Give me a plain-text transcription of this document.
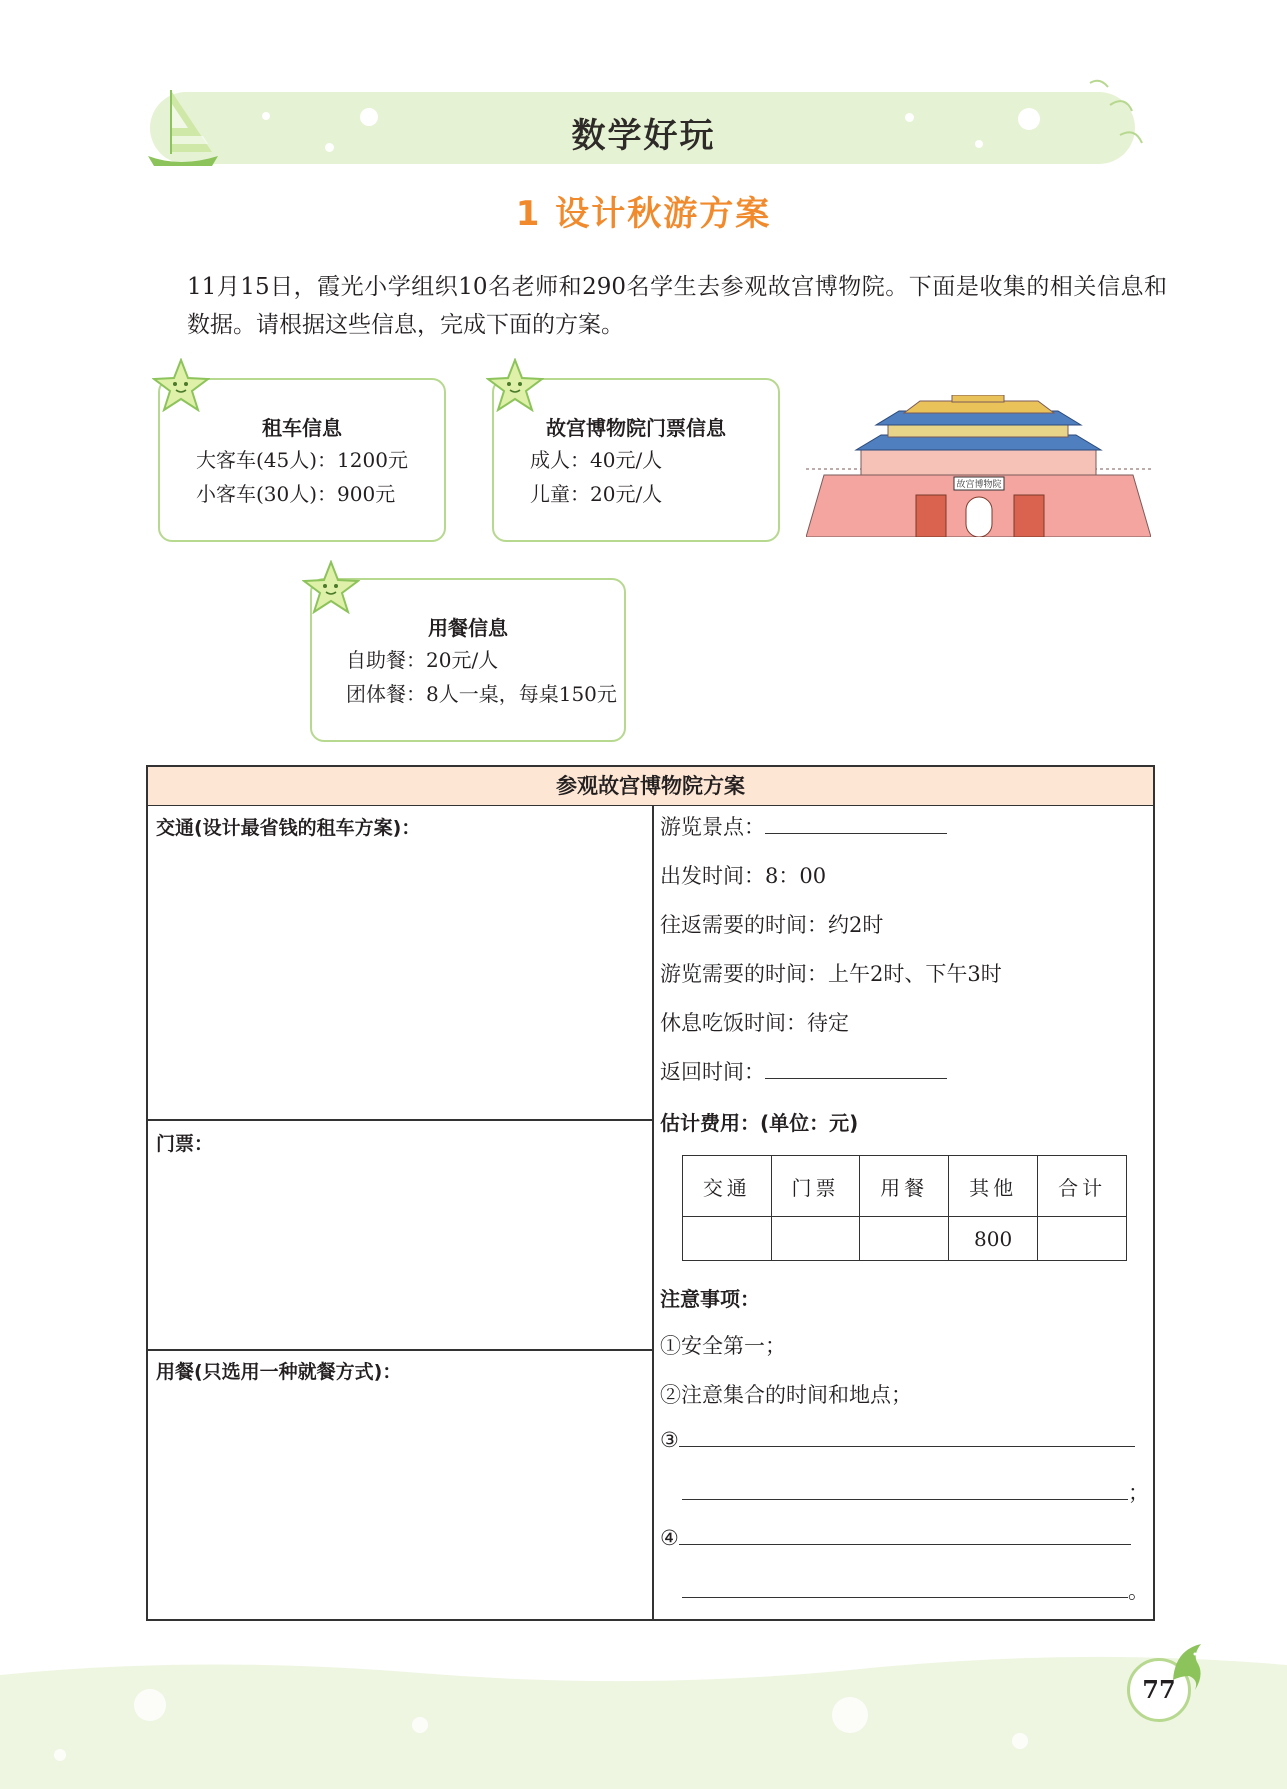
数学好玩
1 设计秋游方案
11月15日，霞光小学组织10名老师和290名学生去参观故宫博物院。下面是收集的相关信息和数据。请根据这些信息，完成下面的方案。
租车信息
大客车(45人)：1200元
小客车(30人)：900元
故宫博物院门票信息
成人：40元/人
儿童：20元/人
用餐信息
自助餐：20元/人
团体餐：8人一桌，每桌150元
故宫博物院
参观故宫博物院方案
交通(设计最省钱的租车方案)：
门票：
用餐(只选用一种就餐方式)：
游览景点：
出发时间：8：00
往返需要的时间：约2时
游览需要的时间：上午2时、下午3时
休息吃饭时间：待定
返回时间：
估计费用：(单位：元)
交通	门票	用餐	其他	合计
			800	
注意事项：
①安全第一；
②注意集合的时间和地点；
③
；
④
。
77
